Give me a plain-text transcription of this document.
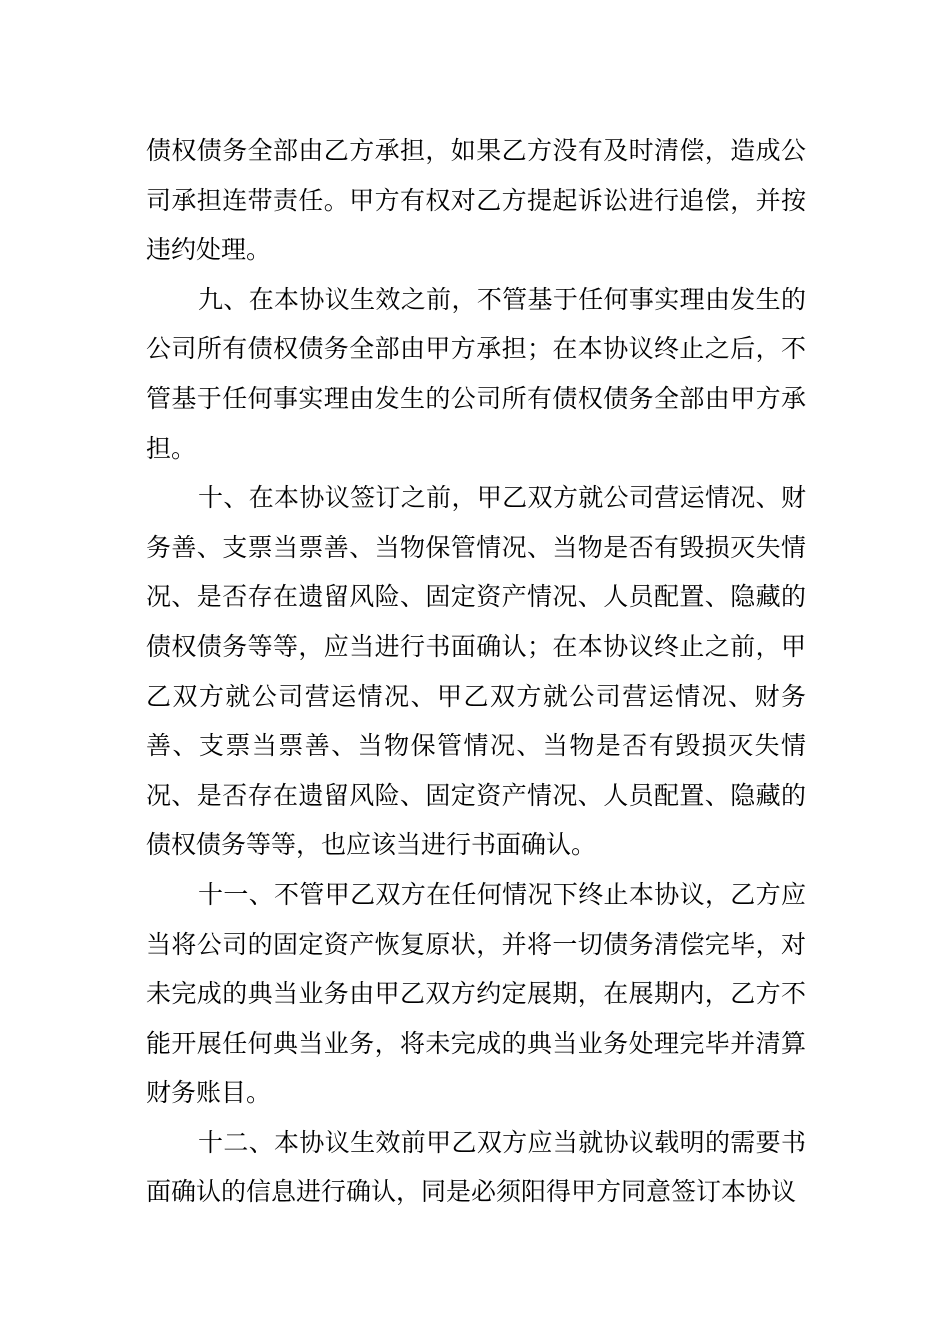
债权债务全部由乙方承担，如果乙方没有及时清偿，造成公司承担连带责任。甲方有权对乙方提起诉讼进行追偿，并按违约处理。

九、在本协议生效之前，不管基于任何事实理由发生的公司所有债权债务全部由甲方承担；在本协议终止之后，不管基于任何事实理由发生的公司所有债权债务全部由甲方承担。

十、在本协议签订之前，甲乙双方就公司营运情况、财务善、支票当票善、当物保管情况、当物是否有毁损灭失情况、是否存在遗留风险、固定资产情况、人员配置、隐藏的债权债务等等，应当进行书面确认；在本协议终止之前，甲乙双方就公司营运情况、甲乙双方就公司营运情况、财务善、支票当票善、当物保管情况、当物是否有毁损灭失情况、是否存在遗留风险、固定资产情况、人员配置、隐藏的债权债务等等，也应该当进行书面确认。

十一、不管甲乙双方在任何情况下终止本协议，乙方应当将公司的固定资产恢复原状，并将一切债务清偿完毕，对未完成的典当业务由甲乙双方约定展期，在展期内，乙方不能开展任何典当业务，将未完成的典当业务处理完毕并清算财务账目。

十二、本协议生效前甲乙双方应当就协议载明的需要书面确认的信息进行确认，同是必须阳得甲方同意签订本协议
